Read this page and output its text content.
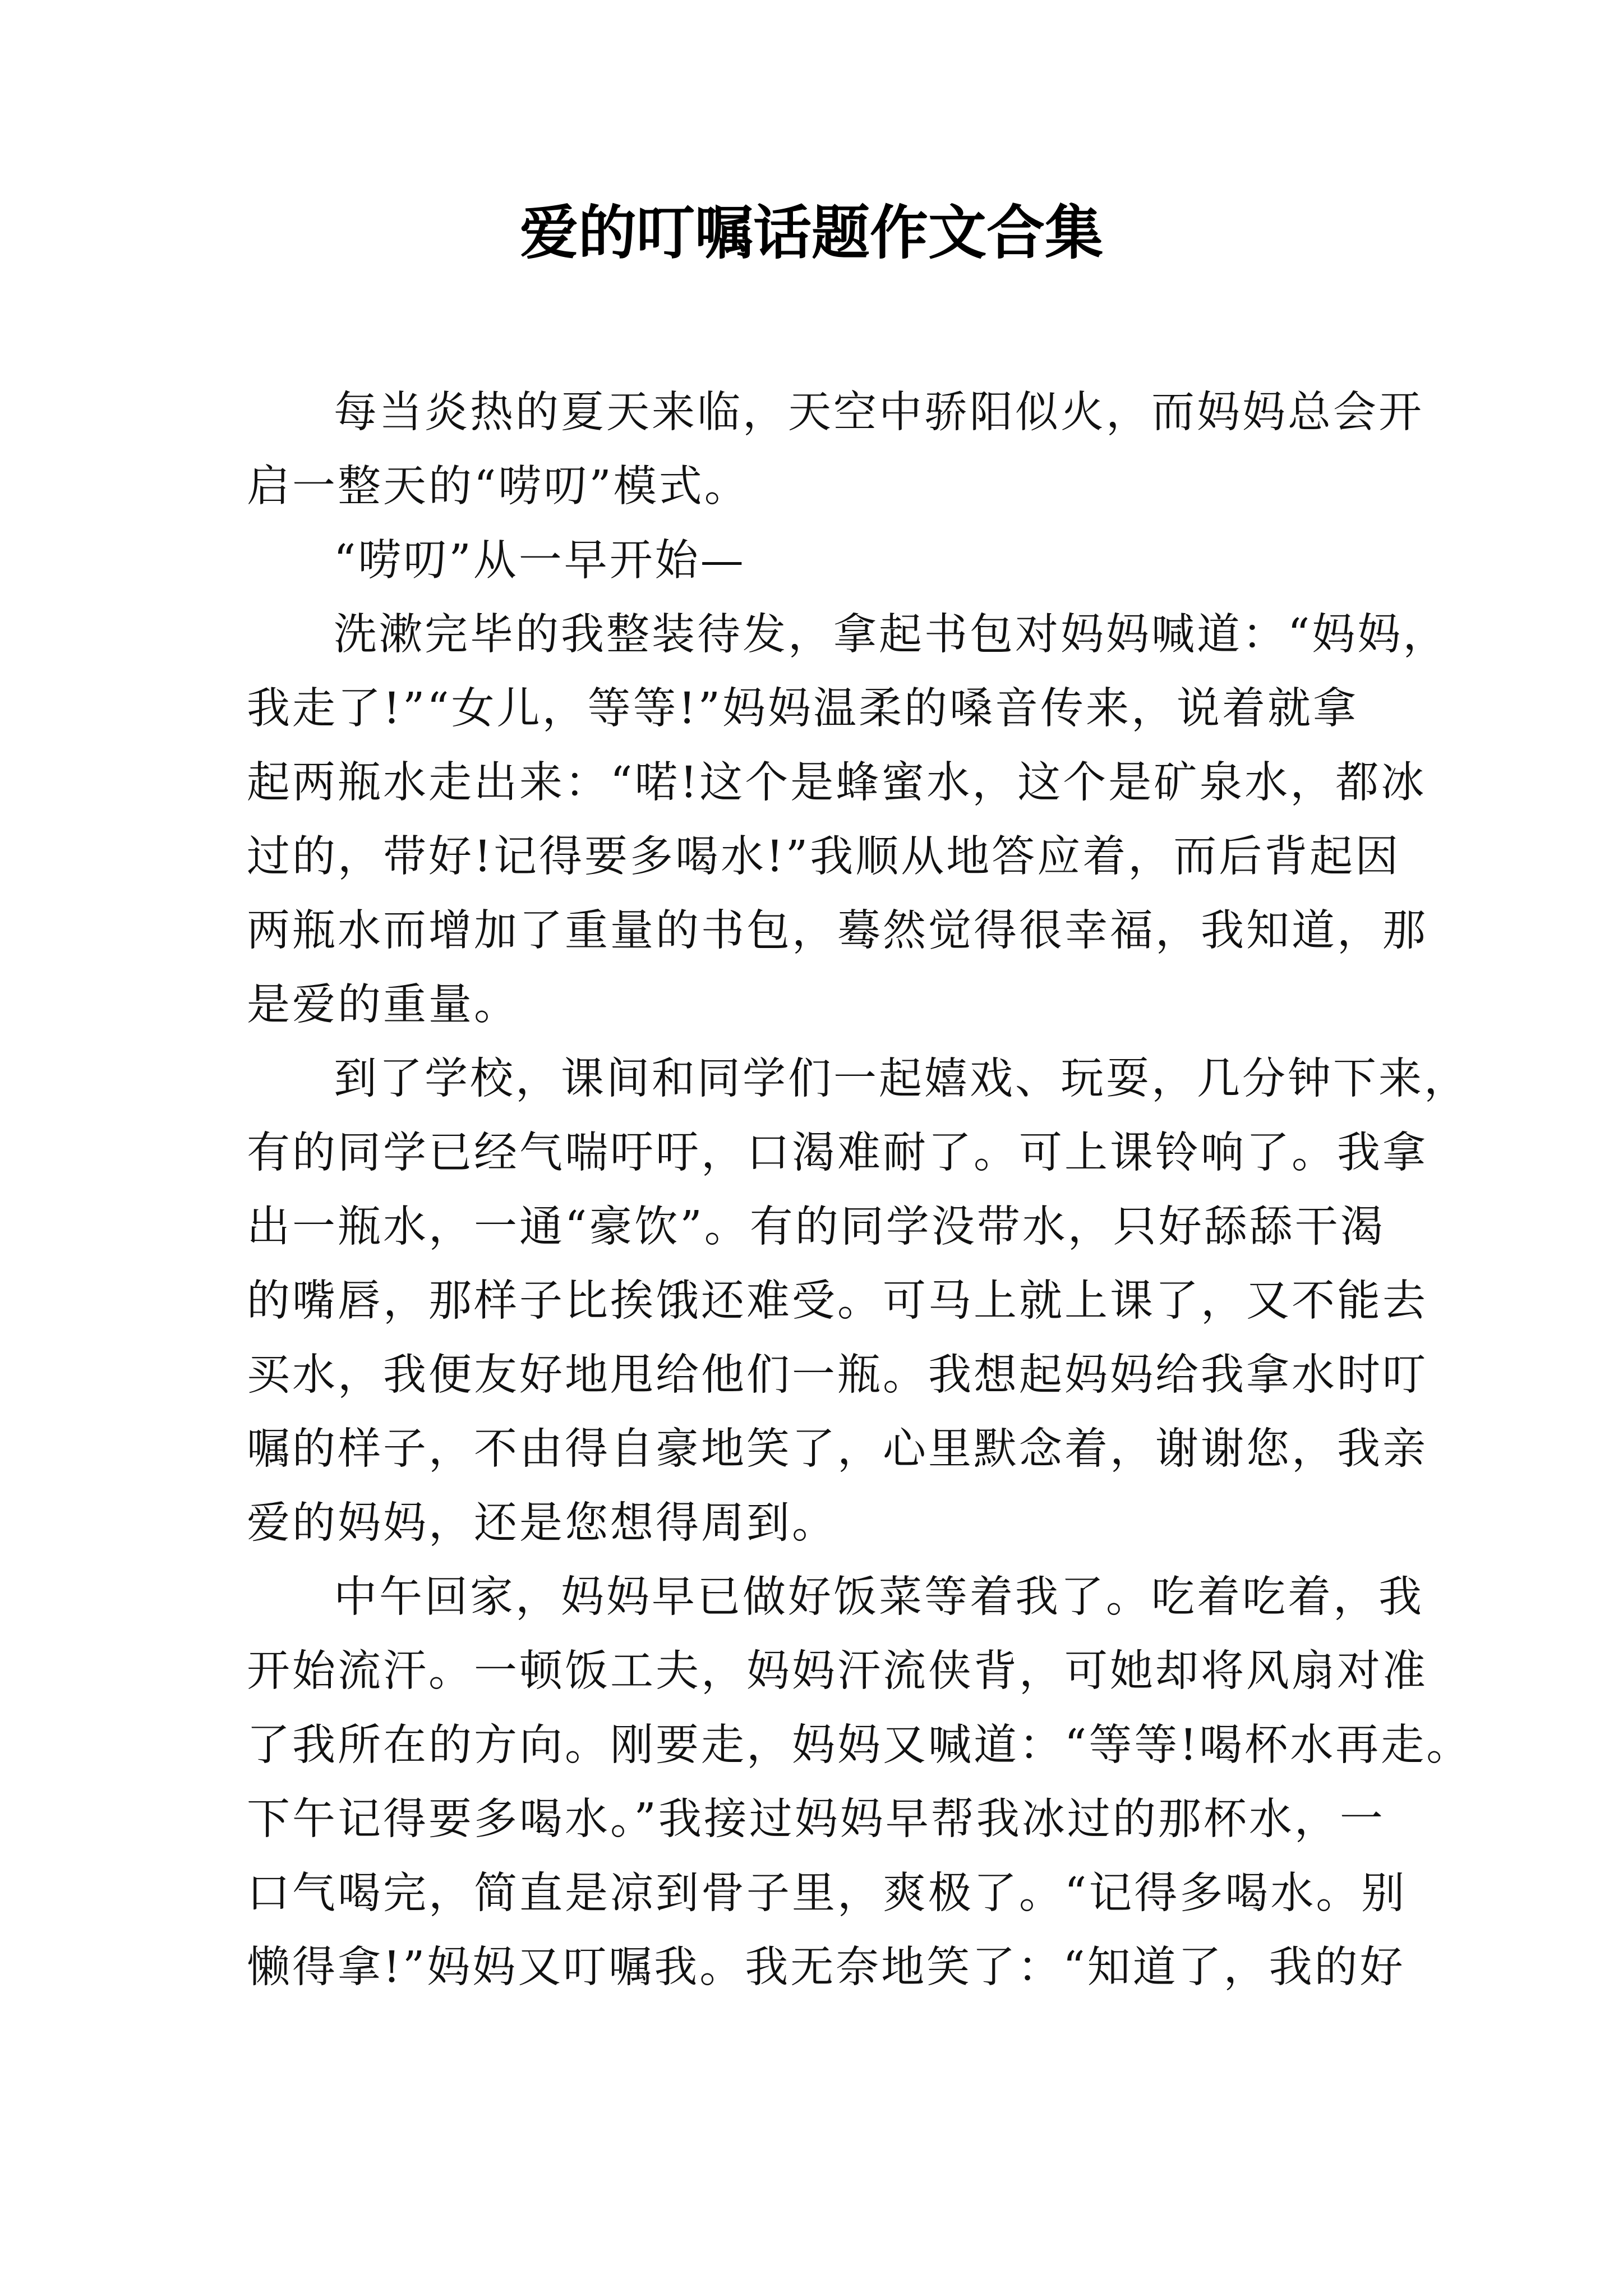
爱的叮嘱话题作文合集
每当炎热的夏天来临，天空中骄阳似火，而妈妈总会开
启一整天的“唠叨”模式。
“唠叨”从一早开始—
洗漱完毕的我整装待发，拿起书包对妈妈喊道：“妈妈，
我走了!”“女儿，等等!”妈妈温柔的嗓音传来，说着就拿
起两瓶水走出来：“喏!这个是蜂蜜水，这个是矿泉水，都冰
过的，带好!记得要多喝水!”我顺从地答应着，而后背起因
两瓶水而增加了重量的书包，蓦然觉得很幸福，我知道，那
是爱的重量。
到了学校，课间和同学们一起嬉戏、玩耍，几分钟下来，
有的同学已经气喘吁吁，口渴难耐了。可上课铃响了。我拿
出一瓶水，一通“豪饮”。有的同学没带水，只好舔舔干渴
的嘴唇，那样子比挨饿还难受。可马上就上课了，又不能去
买水，我便友好地甩给他们一瓶。我想起妈妈给我拿水时叮
嘱的样子，不由得自豪地笑了，心里默念着，谢谢您，我亲
爱的妈妈，还是您想得周到。
中午回家，妈妈早已做好饭菜等着我了。吃着吃着，我
开始流汗。一顿饭工夫，妈妈汗流侠背，可她却将风扇对准
了我所在的方向。刚要走，妈妈又喊道：“等等!喝杯水再走。
下午记得要多喝水。”我接过妈妈早帮我冰过的那杯水，一
口气喝完，简直是凉到骨子里，爽极了。“记得多喝水。别
懒得拿!”妈妈又叮嘱我。我无奈地笑了：“知道了，我的好
